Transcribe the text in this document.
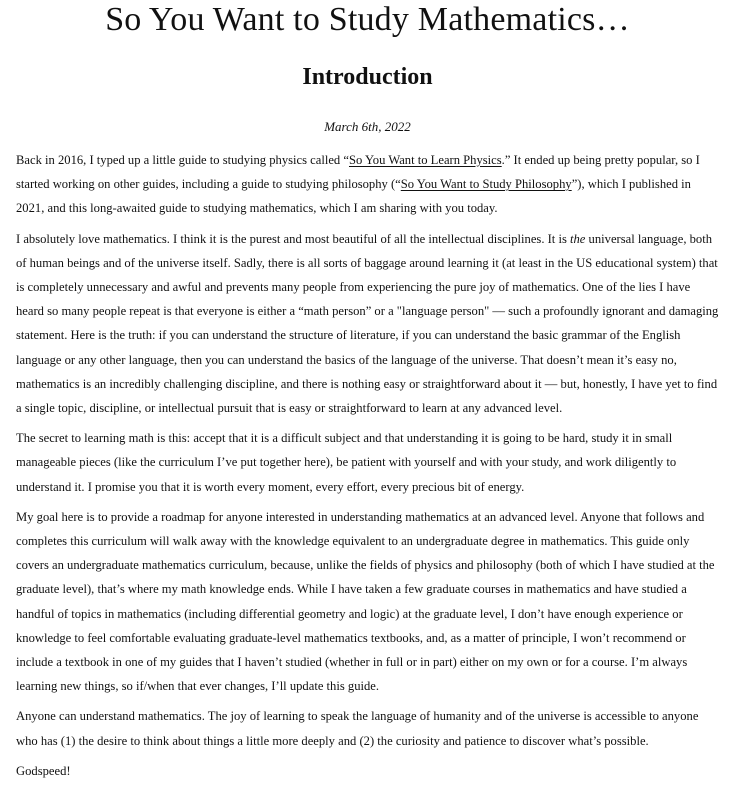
So You Want to Study Mathematics…
Introduction
March 6th, 2022

Back in 2016, I typed up a little guide to studying physics called “So You Want to Learn Physics.” It ended up being pretty popular, so I started working on other guides, including a guide to studying philosophy (“So You Want to Study Philosophy”), which I published in 2021, and this long-awaited guide to studying mathematics, which I am sharing with you today.

I absolutely love mathematics. I think it is the purest and most beautiful of all the intellectual disciplines. It is the universal language, both of human beings and of the universe itself. Sadly, there is all sorts of baggage around learning it (at least in the US educational system) that is completely unnecessary and awful and prevents many people from experiencing the pure joy of mathematics. One of the lies I have heard so many people repeat is that everyone is either a “math person” or a "language person" — such a profoundly ignorant and damaging statement. Here is the truth: if you can understand the structure of literature, if you can understand the basic grammar of the English language or any other language, then you can understand the basics of the language of the universe. That doesn’t mean it’s easy no, mathematics is an incredibly challenging discipline, and there is nothing easy or straightforward about it — but, honestly, I have yet to find a single topic, discipline, or intellectual pursuit that is easy or straightforward to learn at any advanced level.

The secret to learning math is this: accept that it is a difficult subject and that understanding it is going to be hard, study it in small manageable pieces (like the curriculum I’ve put together here), be patient with yourself and with your study, and work diligently to understand it. I promise you that it is worth every moment, every effort, every precious bit of energy.

My goal here is to provide a roadmap for anyone interested in understanding mathematics at an advanced level. Anyone that follows and completes this curriculum will walk away with the knowledge equivalent to an undergraduate degree in mathematics. This guide only covers an undergraduate mathematics curriculum, because, unlike the fields of physics and philosophy (both of which I have studied at the graduate level), that’s where my math knowledge ends. While I have taken a few graduate courses in mathematics and have studied a handful of topics in mathematics (including differential geometry and logic) at the graduate level, I don’t have enough experience or knowledge to feel comfortable evaluating graduate-level mathematics textbooks, and, as a matter of principle, I won’t recommend or include a textbook in one of my guides that I haven’t studied (whether in full or in part) either on my own or for a course. I’m always learning new things, so if/when that ever changes, I’ll update this guide.

Anyone can understand mathematics. The joy of learning to speak the language of humanity and of the universe is accessible to anyone who has (1) the desire to think about things a little more deeply and (2) the curiosity and patience to discover what’s possible.

Godspeed!
